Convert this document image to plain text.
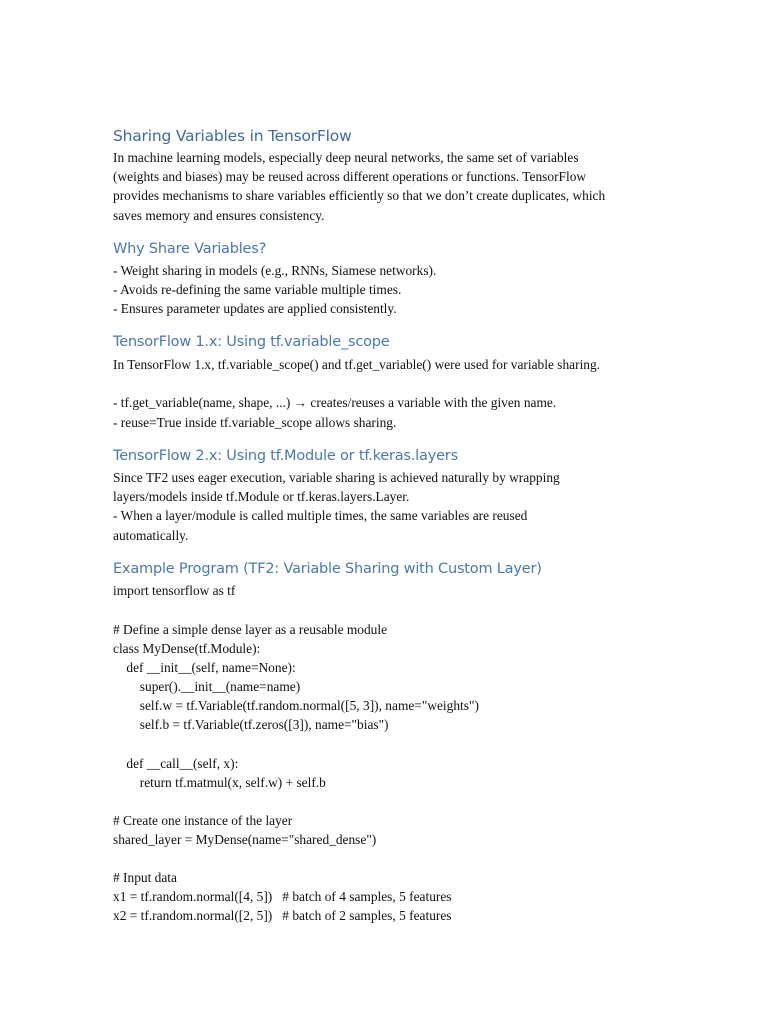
Sharing Variables in TensorFlow

In machine learning models, especially deep neural networks, the same set of variables

(weights and biases) may be reused across different operations or functions. TensorFlow

provides mechanisms to share variables efficiently so that we don’t create duplicates, which

saves memory and ensures consistency.

Why Share Variables?

- Weight sharing in models (e.g., RNNs, Siamese networks).

- Avoids re-defining the same variable multiple times.

- Ensures parameter updates are applied consistently.

TensorFlow 1.x: Using tf.variable_scope

In TensorFlow 1.x, tf.variable_scope() and tf.get_variable() were used for variable sharing.

- tf.get_variable(name, shape, ...) → creates/reuses a variable with the given name.

- reuse=True inside tf.variable_scope allows sharing.

TensorFlow 2.x: Using tf.Module or tf.keras.layers

Since TF2 uses eager execution, variable sharing is achieved naturally by wrapping

layers/models inside tf.Module or tf.keras.layers.Layer.

- When a layer/module is called multiple times, the same variables are reused

automatically.

Example Program (TF2: Variable Sharing with Custom Layer)

import tensorflow as tf

# Define a simple dense layer as a reusable module

class MyDense(tf.Module):

def __init__(self, name=None):

super().__init__(name=name)

self.w = tf.Variable(tf.random.normal([5, 3]), name="weights")

self.b = tf.Variable(tf.zeros([3]), name="bias")

def __call__(self, x):

return tf.matmul(x, self.w) + self.b

# Create one instance of the layer

shared_layer = MyDense(name="shared_dense")

# Input data

x1 = tf.random.normal([4, 5])   # batch of 4 samples, 5 features

x2 = tf.random.normal([2, 5])   # batch of 2 samples, 5 features
